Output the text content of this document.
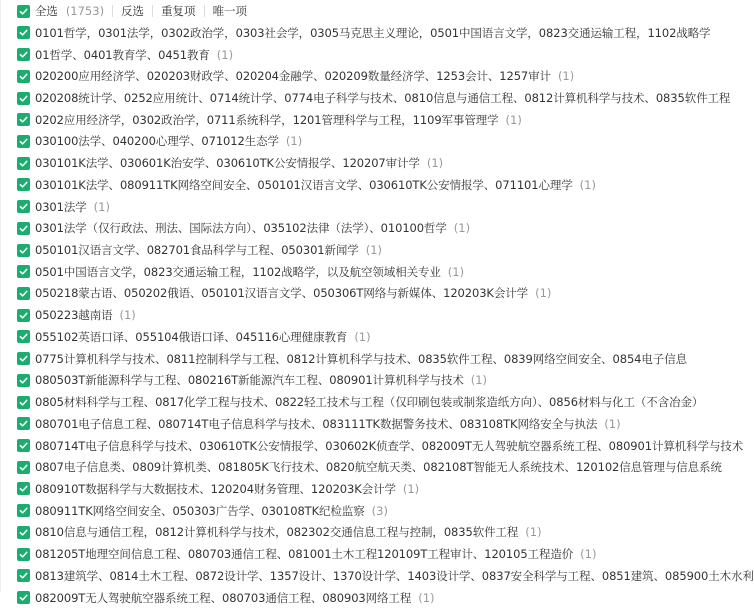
全选 (1753) 反选 重复项 唯一项
0101哲学，0301法学，0302政治学，0303社会学，0305马克思主义理论，0501中国语言文学，0823交通运输工程，1102战略学
01哲学、0401教育学、0451教育 (1)
020200应用经济学、020203财政学、020204金融学、020209数量经济学、1253会计、1257审计 (1)
020208统计学、0252应用统计、0714统计学、0774电子科学与技术、0810信息与通信工程、0812计算机科学与技术、0835软件工程
0202应用经济学，0302政治学，0711系统科学，1201管理科学与工程，1109军事管理学 (1)
030100法学、040200心理学、071012生态学 (1)
030101K法学、030601K治安学、030610TK公安情报学、120207审计学 (1)
030101K法学、080911TK网络空间安全、050101汉语言文学、030610TK公安情报学、071101心理学 (1)
0301法学 (1)
0301法学（仅行政法、刑法、国际法方向）、035102法律（法学）、010100哲学 (1)
050101汉语言文学、082701食品科学与工程、050301新闻学 (1)
0501中国语言文学，0823交通运输工程，1102战略学，以及航空领域相关专业 (1)
050218蒙古语、050202俄语、050101汉语言文学、050306T网络与新媒体、120203K会计学 (1)
050223越南语 (1)
055102英语口译、055104俄语口译、045116心理健康教育 (1)
0775计算机科学与技术、0811控制科学与工程、0812计算机科学与技术、0835软件工程、0839网络空间安全、0854电子信息
080503T新能源科学与工程、080216T新能源汽车工程、080901计算机科学与技术 (1)
0805材料科学与工程、0817化学工程与技术、0822轻工技术与工程（仅印刷包装或制浆造纸方向）、0856材料与化工（不含冶金）
080701电子信息工程、080714T电子信息科学与技术、083111TK数据警务技术、083108TK网络安全与执法 (1)
080714T电子信息科学与技术、030610TK公安情报学、030602K侦查学、082009T无人驾驶航空器系统工程、080901计算机科学与技术
0807电子信息类、0809计算机类、081805K飞行技术、0820航空航天类、082108T智能无人系统技术、120102信息管理与信息系统
080910T数据科学与大数据技术、120204财务管理、120203K会计学 (1)
080911TK网络空间安全、050303广告学、030108TK纪检监察 (3)
0810信息与通信工程，0812计算机科学与技术，082302交通信息工程与控制，0835软件工程 (1)
081205T地理空间信息工程、080703通信工程、081001土木工程120109T工程审计、120105工程造价 (1)
0813建筑学、0814土木工程、0872设计学、1357设计、1370设计学、1403设计学、0837安全科学与工程、0851建筑、085900土木水利
082009T无人驾驶航空器系统工程、080703通信工程、080903网络工程 (1)
